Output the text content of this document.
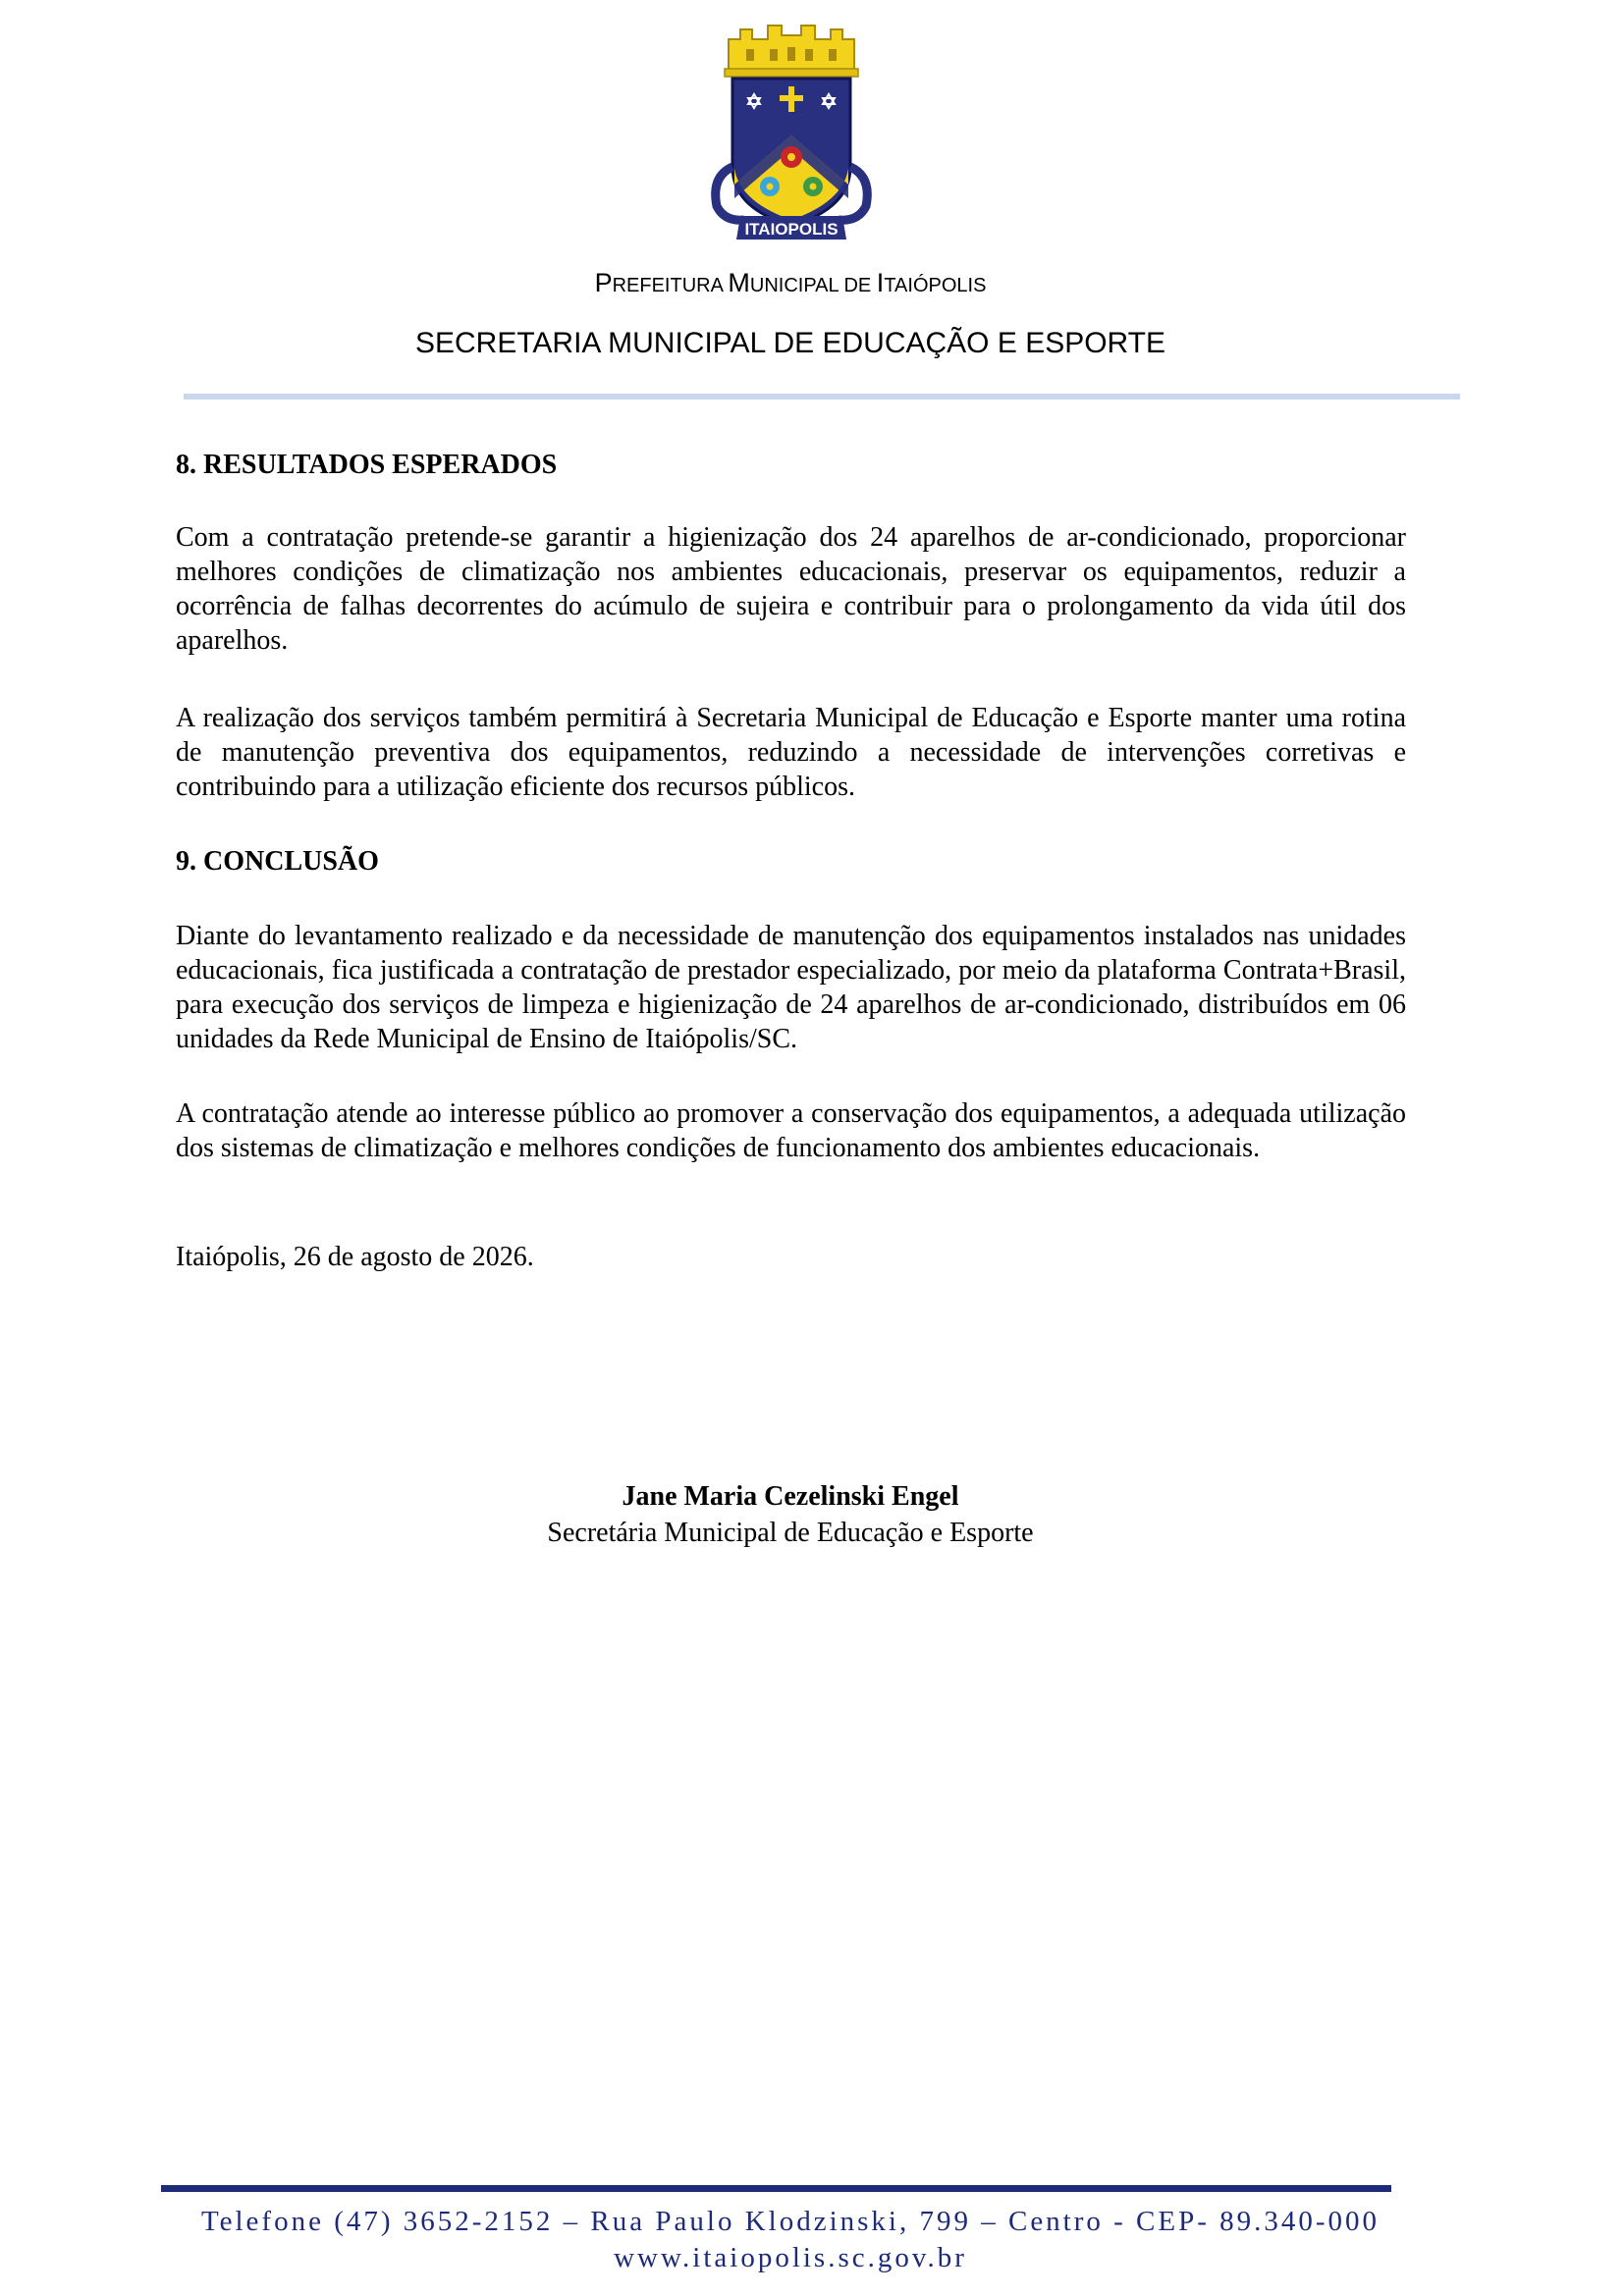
ITAIOPOLIS
PREFEITURA MUNICIPAL DE ITAIÓPOLIS
SECRETARIA MUNICIPAL DE EDUCAÇÃO E ESPORTE
8. RESULTADOS ESPERADOS
Com a contratação pretende-se garantir a higienização dos 24 aparelhos de ar-condicionado, proporcionar melhores condições de climatização nos ambientes educacionais, preservar os equipamentos, reduzir a ocorrência de falhas decorrentes do acúmulo de sujeira e contribuir para o prolongamento da vida útil dos aparelhos.
A realização dos serviços também permitirá à Secretaria Municipal de Educação e Esporte manter uma rotina de manutenção preventiva dos equipamentos, reduzindo a necessidade de intervenções corretivas e contribuindo para a utilização eficiente dos recursos públicos.
9. CONCLUSÃO
Diante do levantamento realizado e da necessidade de manutenção dos equipamentos instalados nas unidades educacionais, fica justificada a contratação de prestador especializado, por meio da plataforma Contrata+Brasil, para execução dos serviços de limpeza e higienização de 24 aparelhos de ar-condicionado, distribuídos em 06 unidades da Rede Municipal de Ensino de Itaiópolis/SC.
A contratação atende ao interesse público ao promover a conservação dos equipamentos, a adequada utilização dos sistemas de climatização e melhores condições de funcionamento dos ambientes educacionais.
Itaiópolis, 26 de agosto de 2026.
Jane Maria Cezelinski Engel
Secretária Municipal de Educação e Esporte
Telefone (47) 3652-2152 – Rua Paulo Klodzinski, 799 – Centro - CEP- 89.340-000
www.itaiopolis.sc.gov.br
